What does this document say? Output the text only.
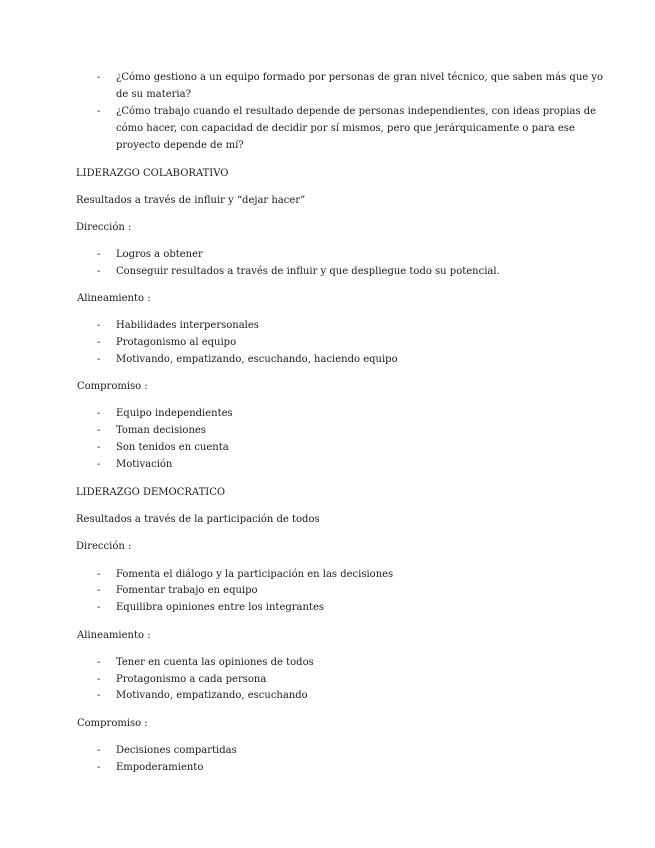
-	¿Cómo gestiono a un equipo formado por personas de gran nivel técnico, que saben más que yo
de su materia?
-	¿Cómo trabajo cuando el resultado depende de personas independientes, con ideas propias de
cómo hacer, con capacidad de decidir por sí mismos, pero que jerárquicamente o para ese
proyecto depende de mí?
LIDERAZGO COLABORATIVO
Resultados a través de influir y “dejar hacer”
Dirección :
-	Logros a obtener
-	Conseguir resultados a través de influir y que despliegue todo su potencial.
Alineamiento :
-	Habilidades interpersonales
-	Protagonismo al equipo
-	Motivando, empatizando, escuchando, haciendo equipo
Compromiso :
-	Equipo independientes
-	Toman decisiones
-	Son tenidos en cuenta
-	Motivación
LIDERAZGO DEMOCRATICO
Resultados a través de la participación de todos
Dirección :
-	Fomenta el diálogo y la participación en las decisiones
-	Fomentar trabajo en equipo
-	Equilibra opiniones entre los integrantes
Alineamiento :
-	Tener en cuenta las opiniones de todos
-	Protagonismo a cada persona
-	Motivando, empatizando, escuchando
Compromiso :
-	Decisiones compartidas
-	Empoderamiento
